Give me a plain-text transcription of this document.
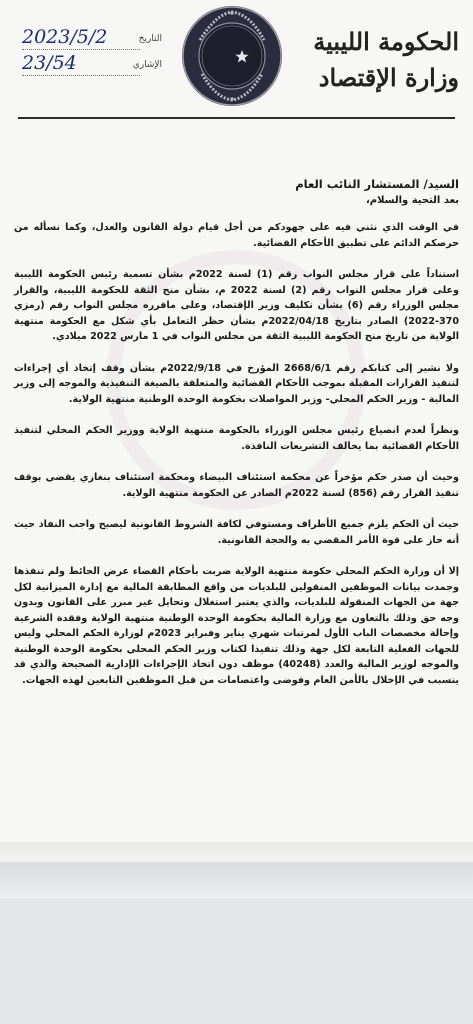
الحكومة الليبية
وزارة الإقتصاد
2023/5/2	التاريخ
23/54	الإشاري
السيد/ المستشار النائب العام
بعد التحية والسلام،

في الوقت الذي نثني فيه على جهودكم من أجل قيام دولة القانون والعدل، وكما نسأله من حرصكم الدائم على تطبيق الأحكام القضائية.

استناداً على قرار مجلس النواب رقم (1) لسنة 2022م بشأن تسمية رئيس الحكومة الليبية وعلى قرار مجلس النواب رقم (2) لسنة 2022 م، بشأن منح الثقة للحكومة الليبية، والقرار مجلس الوزراء رقم (6) بشأن تكليف وزير الإقتصاد، وعلى ماقرره مجلس النواب رقم (رمزي 370-2022) الصادر بتاريخ 2022/04/18م بشأن حظر التعامل بأي شكل مع الحكومة منتهية الولاية من تاريخ منح الحكومة الليبية الثقة من مجلس النواب في 1 مارس 2022 ميلادي.

ولا نشير إلى كتابكم رقم 2668/6/1 المؤرخ في 2022/9/18م بشأن وقف إتخاذ أي إجراءات لتنفيذ القرارات المقبلة بموجب الأحكام القضائية والمتعلقة بالصيغة التنفيذية والموجه إلى وزير المالية - وزير الحكم المحلي- وزير المواصلات بحكومة الوحدة الوطنية منتهية الولاية.

ونظراً لعدم انصياع رئيس مجلس الوزراء بالحكومة منتهية الولاية ووزير الحكم المحلي لتنفيذ الأحكام القضائية بما يخالف التشريعات النافذة.

وحيث أن صدر حكم مؤخراً عن محكمة استئناف البيضاء ومحكمة استئناف بنغازي يقضي بوقف تنفيذ القرار رقم (856) لسنة 2022م الصادر عن الحكومة منتهية الولاية.

حيث أن الحكم يلزم جميع الأطراف ومستوفي لكافة الشروط القانونية ليصبح واجب النفاذ حيث أنه حاز على قوة الأمر المقضي به والحجة القانونية.

إلا أن وزارة الحكم المحلي حكومة منتهية الولاية ضربت بأحكام القضاء عرض الحائط ولم تنفذها وجمدت بيانات الموظفين المنقولين للبلديات من واقع المطابقة المالية مع إدارة الميزانية لكل جهة من الجهات المنقولة للبلديات، والذي يعتبر استغلال وتحايل غير مبرر على القانون وبدون وجه حق وذلك بالتعاون مع وزارة المالية بحكومة الوحدة الوطنية منتهية الولاية وفقدة الشرعية وإحالة مخصصات الباب الأول لمرتبات شهري يناير وفبراير 2023م لوزارة الحكم المحلي وليس للجهات الفعلية التابعة لكل جهة وذلك تنفيذا لكتاب وزير الحكم المحلي بحكومة الوحدة الوطنية والموجه لوزير المالية والعدد (40248) موظف دون اتخاذ الإجراءات الإدارية الصحيحة والذي قد يتسبب في الإخلال بالأمن العام وفوضى واعتصامات من قبل الموظفين التابعين لهذه الجهات.
